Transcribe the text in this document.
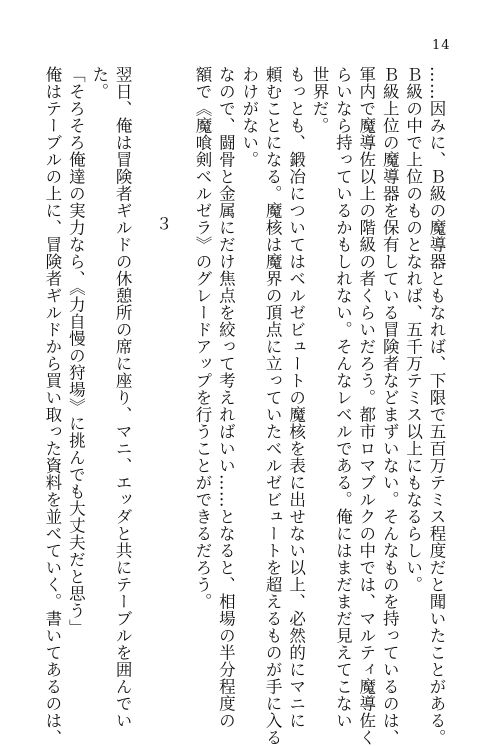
14
……因みに、Ｂ級の魔導器ともなれば、下限で五百万テミス程度だと聞いたことがある。
Ｂ級の中で上位のものとなれば、五千万テミス以上にもなるらしい。
Ｂ級上位の魔導器を保有している冒険者などまずいない。そんなものを持っているのは、
軍内で魔導佐以上の階級の者くらいだろう。都市ロマブルクの中では、マルティ魔導佐く
らいなら持っているかもしれない。そんなレベルである。俺にはまだまだ見えてこない
世界だ。
もっとも、鍛冶についてはベルゼビュートの魔核を表に出せない以上、必然的にマニに
頼むことになる。魔核は魔界の頂点に立っていたベルゼビュートを超えるものが手に入る
わけがない。
なので、闘骨と金属にだけ焦点を絞って考えればいい……となると、相場の半分程度の
額で《魔喰剣ベルゼラ》のグレードアップを行うことができるだろう。
３
翌日、俺は冒険者ギルドの休憩所の席に座り、マニ、エッダと共にテーブルを囲んでい
た。
「そろそろ俺達の実力なら、《力自慢の狩場》に挑んでも大丈夫だと思う」
俺はテーブルの上に、冒険者ギルドから買い取った資料を並べていく。書いてあるのは、
